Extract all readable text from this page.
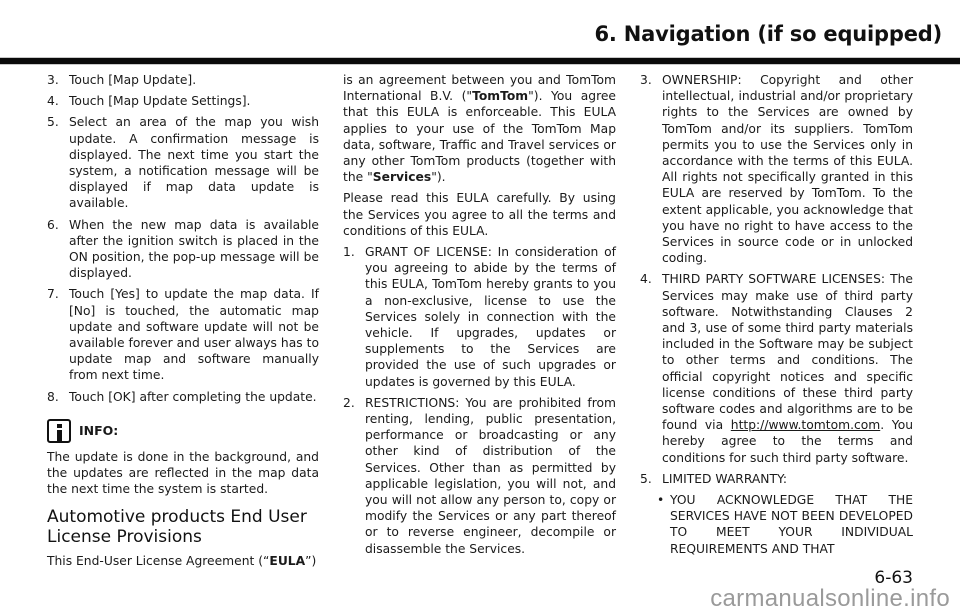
6. Navigation (if so equipped)
3. Touch [Map Update].
4. Touch [Map Update Settings].
5. Select an area of the map you wish update. A confirmation message is displayed. The next time you start the system, a notification message will be displayed if map data update is available.
6. When the new map data is available after the ignition switch is placed in the ON position, the pop-up message will be displayed.
7. Touch [Yes] to update the map data. If [No] is touched, the automatic map update and software update will not be available forever and user always has to update map and software manually from next time.
8. Touch [OK] after completing the update.
INFO:

The update is done in the background, and the updates are reflected in the map data the next time the system is started.

Automotive products End User License Provisions

This End-User License Agreement (“EULA”)

is an agreement between you and TomTom International B.V. ("TomTom"). You agree that this EULA is enforceable. This EULA applies to your use of the TomTom Map data, software, Traffic and Travel services or any other TomTom products (together with the "Services").

Please read this EULA carefully. By using the Services you agree to all the terms and conditions of this EULA.

1. GRANT OF LICENSE: In consideration of you agreeing to abide by the terms of this EULA, TomTom hereby grants to you a non-exclusive, license to use the Services solely in connection with the vehicle. If upgrades, updates or supplements to the Services are provided the use of such upgrades or updates is governed by this EULA.
2. RESTRICTIONS: You are prohibited from renting, lending, public presentation, performance or broadcasting or any other kind of distribution of the Services. Other than as permitted by applicable legislation, you will not, and you will not allow any person to, copy or modify the Services or any part thereof or to reverse engineer, decompile or disassemble the Services.
3. OWNERSHIP: Copyright and other intellectual, industrial and/or proprietary rights to the Services are owned by TomTom and/or its suppliers. TomTom permits you to use the Services only in accordance with the terms of this EULA. All rights not specifically granted in this EULA are reserved by TomTom. To the extent applicable, you acknowledge that you have no right to have access to the Services in source code or in unlocked coding.
4. THIRD PARTY SOFTWARE LICENSES: The Services may make use of third party software. Notwithstanding Clauses 2 and 3, use of some third party materials included in the Software may be subject to other terms and conditions. The official copyright notices and specific license conditions of these third party software codes and algorithms are to be found via http://www.tomtom.com. You hereby agree to the terms and conditions for such third party software.
5. LIMITED WARRANTY:
• YOU ACKNOWLEDGE THAT THE SERVICES HAVE NOT BEEN DEVELOPED TO MEET YOUR INDIVIDUAL REQUIREMENTS AND THAT
6-63
carmanualsonline.info
